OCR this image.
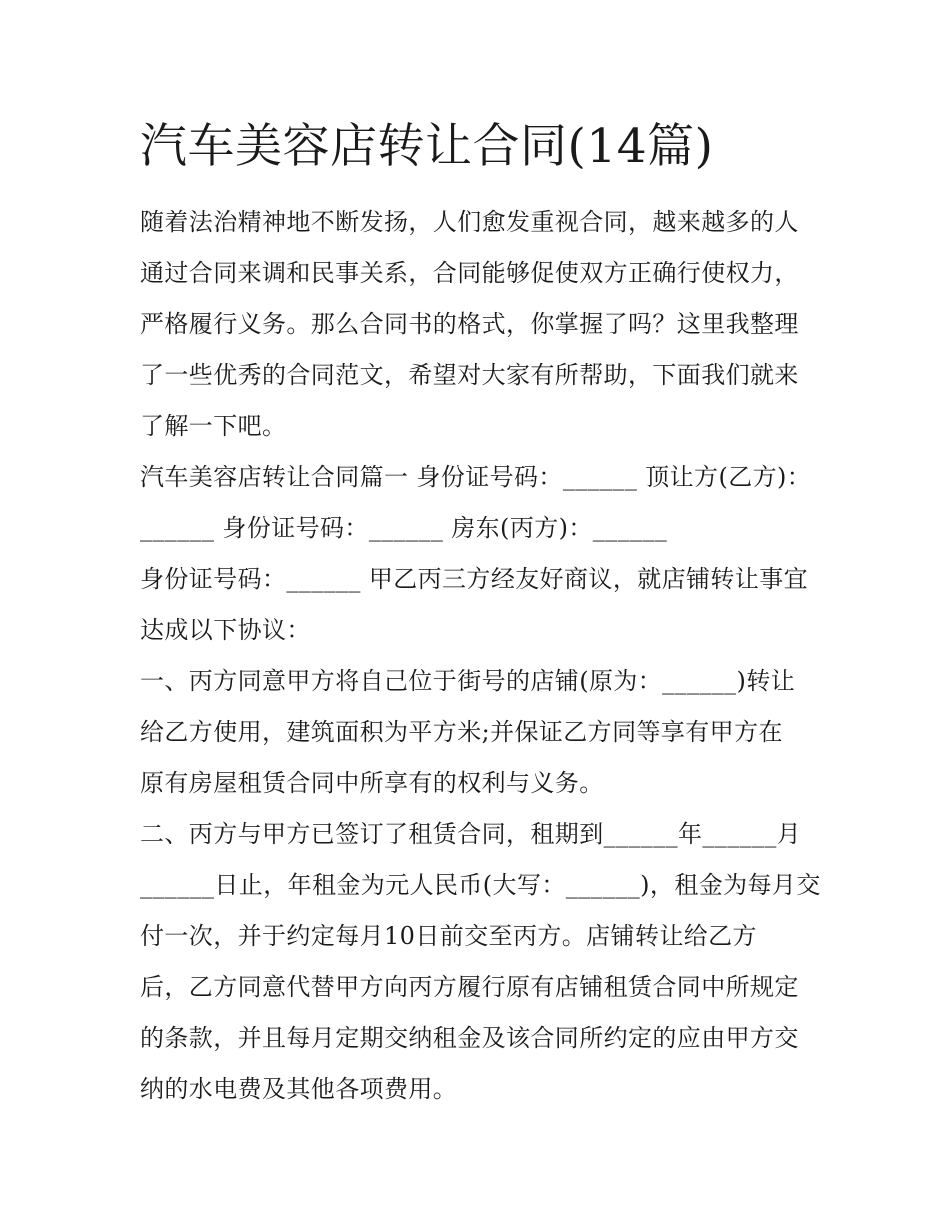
汽车美容店转让合同(14篇)

随着法治精神地不断发扬，人们愈发重视合同，越来越多的人

通过合同来调和民事关系，合同能够促使双方正确行使权力，

严格履行义务。那么合同书的格式，你掌握了吗？这里我整理

了一些优秀的合同范文，希望对大家有所帮助，下面我们就来

了解一下吧。

汽车美容店转让合同篇一 身份证号码：______ 顶让方(乙方)：

______ 身份证号码：______ 房东(丙方)：______

身份证号码：______ 甲乙丙三方经友好商议，就店铺转让事宜

达成以下协议：

一、丙方同意甲方将自己位于街号的店铺(原为：______)转让

给乙方使用，建筑面积为平方米;并保证乙方同等享有甲方在

原有房屋租赁合同中所享有的权利与义务。

二、丙方与甲方已签订了租赁合同，租期到______年______月

______日止，年租金为元人民币(大写：______)，租金为每月交

付一次，并于约定每月10日前交至丙方。店铺转让给乙方

后，乙方同意代替甲方向丙方履行原有店铺租赁合同中所规定

的条款，并且每月定期交纳租金及该合同所约定的应由甲方交

纳的水电费及其他各项费用。
